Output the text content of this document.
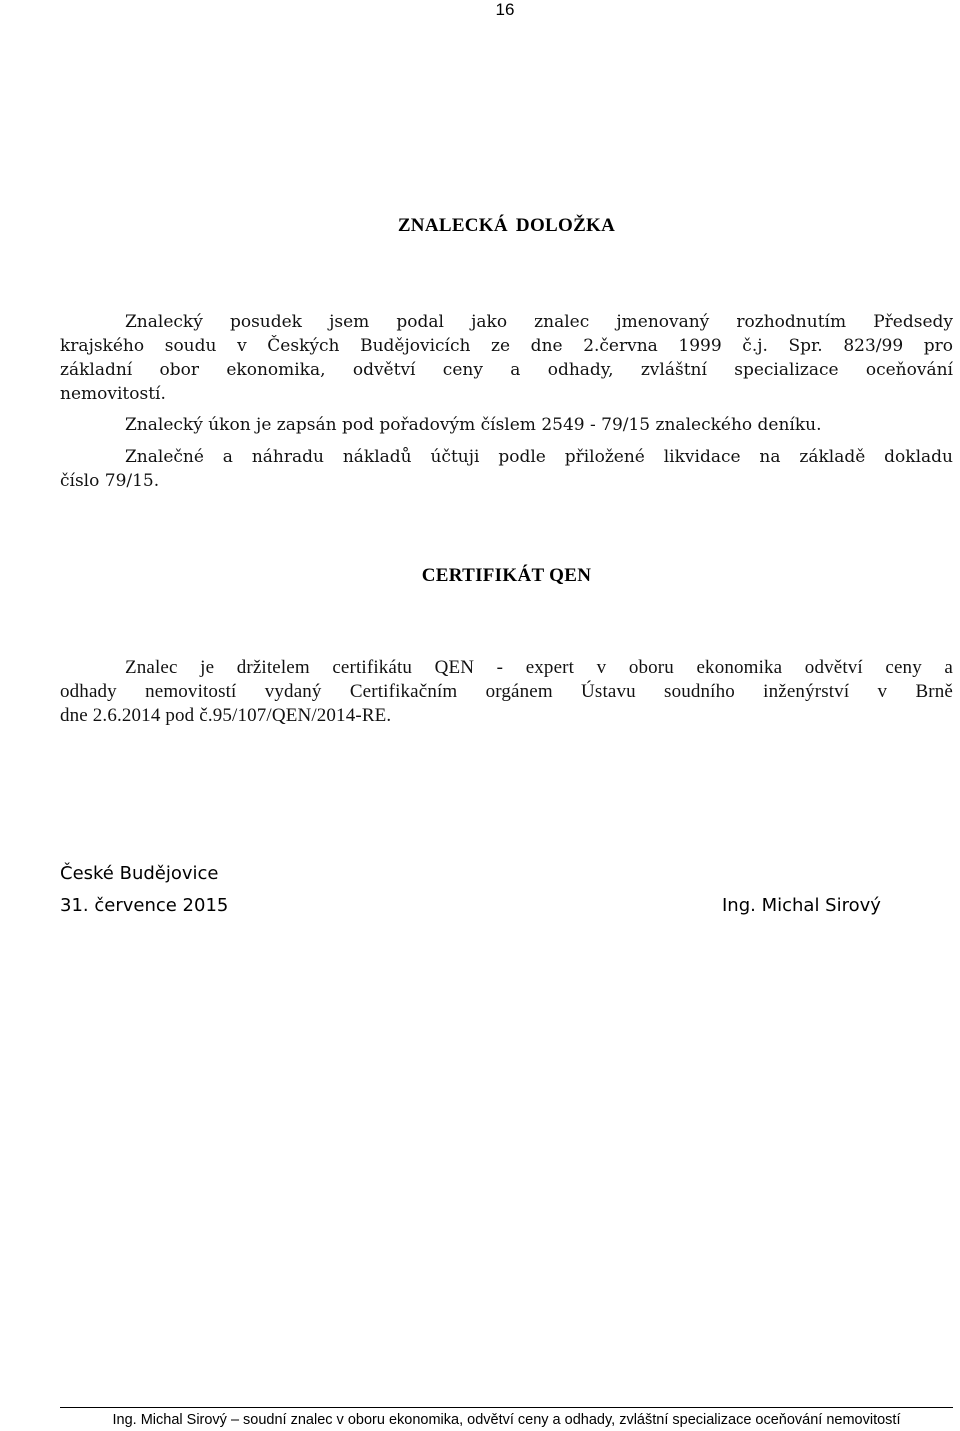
16
ZNALECKÁ DOLOŽKA
Znalecký posudek jsem podal jako znalec jmenovaný rozhodnutím Předsedy
krajského soudu v Českých Budějovicích ze dne 2.června 1999 č.j. Spr. 823/99 pro
základní obor ekonomika, odvětví ceny a odhady, zvláštní specializace oceňování
nemovitostí.
Znalecký úkon je zapsán pod pořadovým číslem 2549 - 79/15 znaleckého deníku.
Znalečné a náhradu nákladů účtuji podle přiložené likvidace na základě dokladu
číslo 79/15.
CERTIFIKÁT QEN
Znalec je držitelem certifikátu QEN - expert v oboru ekonomika odvětví ceny a
odhady nemovitostí vydaný Certifikačním orgánem Ústavu soudního inženýrství v Brně
dne 2.6.2014 pod č.95/107/QEN/2014-RE.
České Budějovice
31. července 2015	Ing. Michal Sirový
Ing. Michal Sirový – soudní znalec v oboru ekonomika, odvětví ceny a odhady, zvláštní specializace oceňování nemovitostí
